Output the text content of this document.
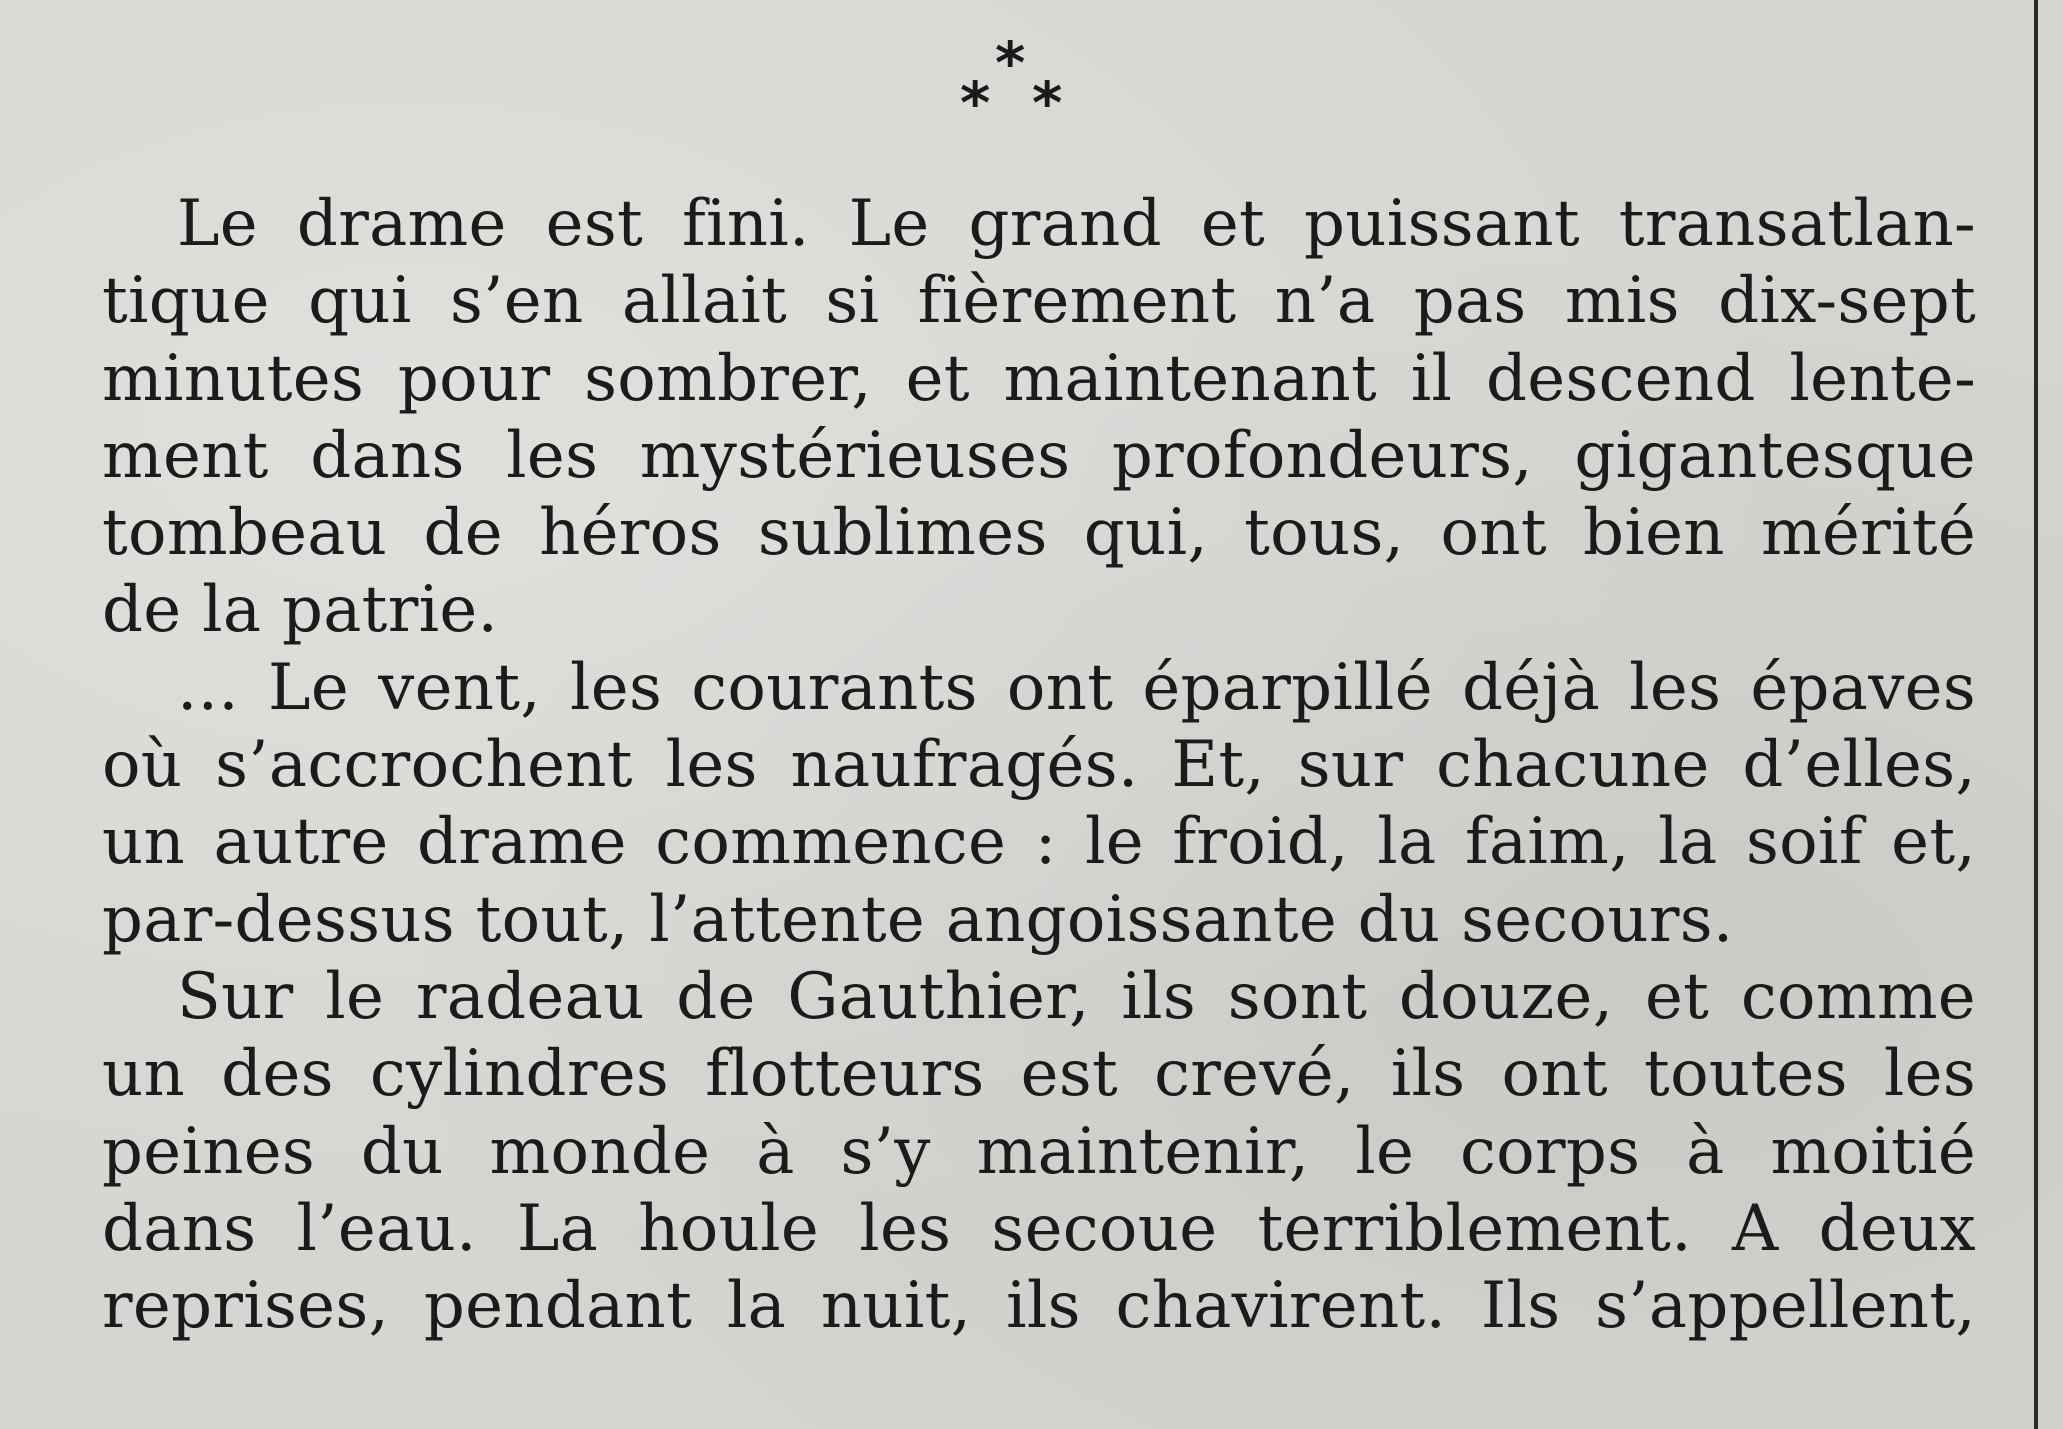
*
* *
Le drame est fini. Le grand et puissant transatlan-
tique qui s’en allait si fièrement n’a pas mis dix-sept
minutes pour sombrer, et maintenant il descend lente-
ment dans les mystérieuses profondeurs, gigantesque
tombeau de héros sublimes qui, tous, ont bien mérité
de la patrie.
... Le vent, les courants ont éparpillé déjà les épaves
où s’accrochent les naufragés. Et, sur chacune d’elles,
un autre drame commence : le froid, la faim, la soif et,
par-dessus tout, l’attente angoissante du secours.
Sur le radeau de Gauthier, ils sont douze, et comme
un des cylindres flotteurs est crevé, ils ont toutes les
peines du monde à s’y maintenir, le corps à moitié
dans l’eau. La houle les secoue terriblement. A deux
reprises, pendant la nuit, ils chavirent. Ils s’appellent,
